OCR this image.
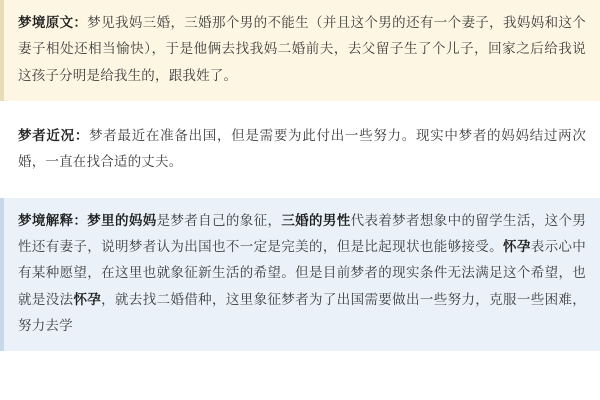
梦境原文：梦见我妈三婚，三婚那个男的不能生（并且这个男的还有一个妻子，我妈妈和这个妻子相处还相当愉快），于是他俩去找我妈二婚前夫，去父留子生了个儿子，回家之后给我说这孩子分明是给我生的，跟我姓了。
梦者近况：梦者最近在准备出国，但是需要为此付出一些努力。现实中梦者的妈妈结过两次婚，一直在找合适的丈夫。
梦境解释：梦里的妈妈是梦者自己的象征，三婚的男性代表着梦者想象中的留学生活，这个男性还有妻子，说明梦者认为出国也不一定是完美的，但是比起现状也能够接受。怀孕表示心中有某种愿望，在这里也就象征新生活的希望。但是目前梦者的现实条件无法满足这个希望，也就是没法怀孕，就去找二婚借种，这里象征梦者为了出国需要做出一些努力，克服一些困难，努力去学
